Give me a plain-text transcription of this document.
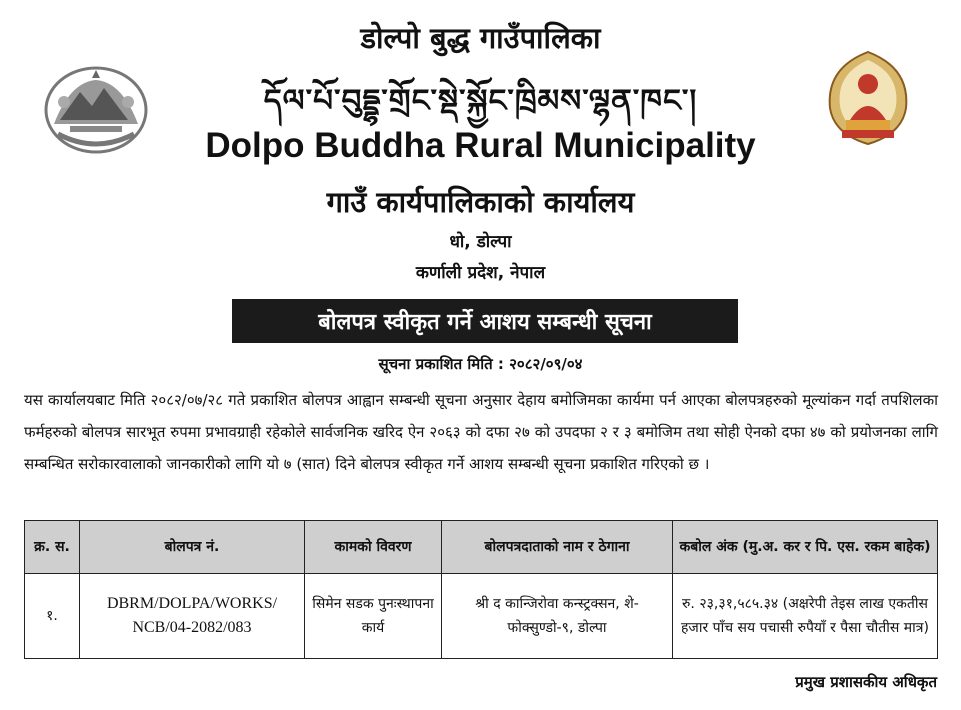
डोल्पो बुद्ध गाउँपालिका
དོལ་པོ་བུདྡྷ་གྲོང་སྡེ་སྐྱོང་ཁྲིམས་ལྷན་ཁང་།
Dolpo Buddha Rural Municipality
गाउँ कार्यपालिकाको कार्यालय
धो, डोल्पा
कर्णाली प्रदेश, नेपाल
बोलपत्र स्वीकृत गर्ने आशय सम्बन्धी सूचना
सूचना प्रकाशित मिति : २०८२/०९/०४
यस कार्यालयबाट मिति २०८२/०७/२८ गते प्रकाशित बोलपत्र आह्वान सम्बन्धी सूचना अनुसार देहाय बमोजिमका कार्यमा पर्न आएका बोलपत्रहरुको मूल्यांकन गर्दा तपशिलका फर्महरुको बोलपत्र सारभूत रुपमा प्रभावग्राही रहेकोले सार्वजनिक खरिद ऐन २०६३ को दफा २७ को उपदफा २ र ३ बमोजिम तथा सोही ऐनको दफा ४७ को प्रयोजनका लागि सम्बन्धित सरोकारवालाको जानकारीको लागि यो ७ (सात) दिने बोलपत्र स्वीकृत गर्ने आशय सम्बन्धी सूचना प्रकाशित गरिएको छ ।
क्र. स.	बोलपत्र नं.	कामको विवरण	बोलपत्रदाताको नाम र ठेगाना	कबोल अंक (मु.अ. कर र पि. एस. रकम बाहेक)
१.	DBRM/DOLPA/WORKS/ NCB/04-2082/083	सिमेन सडक पुनःस्थापना कार्य	श्री द कान्जिरोवा कन्स्ट्रक्सन, शे-फोक्सुण्डो-९, डोल्पा	रु. २३,३१,५८५.३४ (अक्षरेपी तेइस लाख एकतीस हजार पाँच सय पचासी रुपैयाँ र पैसा चौतीस मात्र)
प्रमुख प्रशासकीय अधिकृत
